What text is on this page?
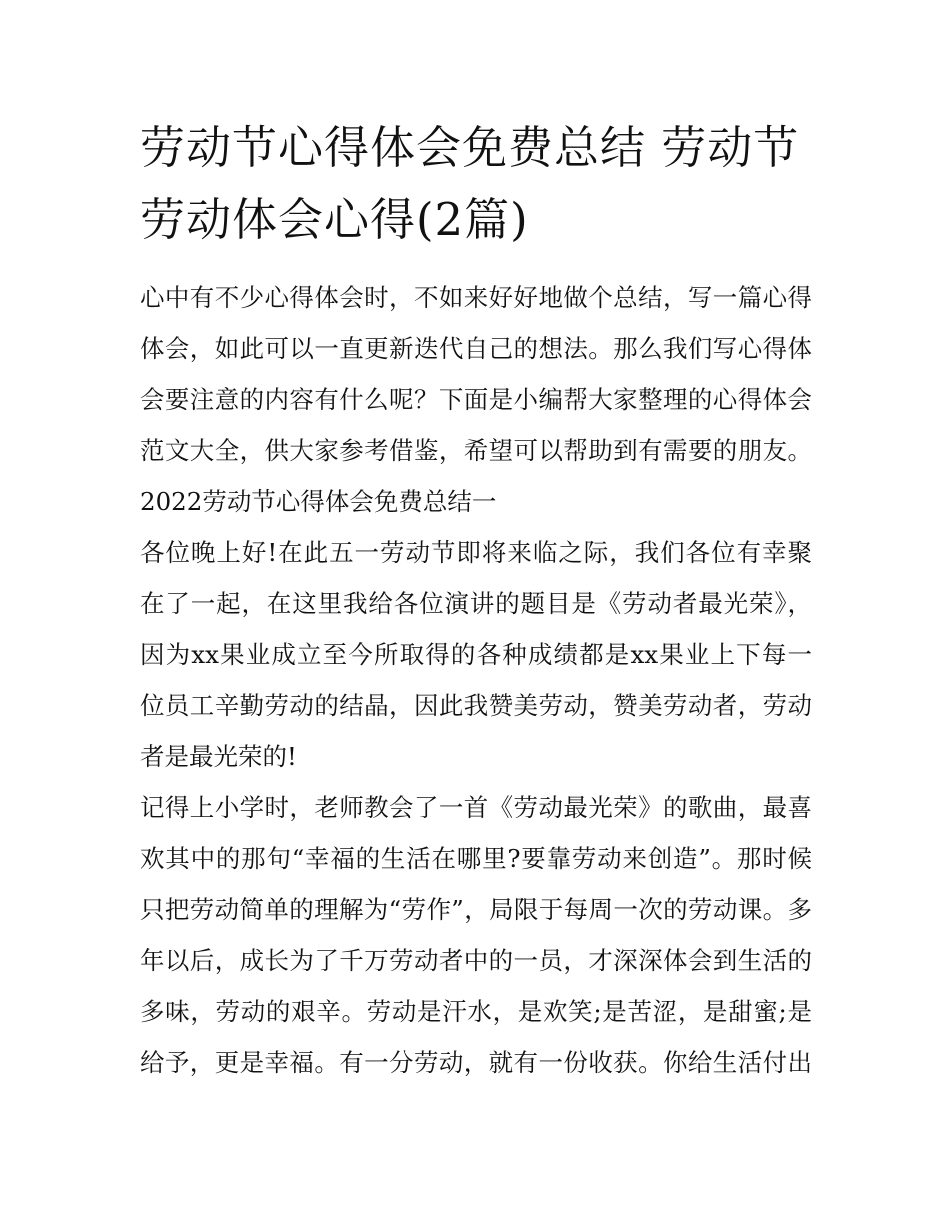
劳动节心得体会免费总结 劳动节劳动体会心得(2篇)
心中有不少心得体会时，不如来好好地做个总结，写一篇心得
体会，如此可以一直更新迭代自己的想法。那么我们写心得体
会要注意的内容有什么呢？下面是小编帮大家整理的心得体会
范文大全，供大家参考借鉴，希望可以帮助到有需要的朋友。
2022劳动节心得体会免费总结一
各位晚上好!在此五一劳动节即将来临之际，我们各位有幸聚
在了一起，在这里我给各位演讲的题目是《劳动者最光荣》，
因为xx果业成立至今所取得的各种成绩都是xx果业上下每一
位员工辛勤劳动的结晶，因此我赞美劳动，赞美劳动者，劳动
者是最光荣的!
记得上小学时，老师教会了一首《劳动最光荣》的歌曲，最喜
欢其中的那句“幸福的生活在哪里?要靠劳动来创造”。那时候
只把劳动简单的理解为“劳作”，局限于每周一次的劳动课。多
年以后，成长为了千万劳动者中的一员，才深深体会到生活的
多味，劳动的艰辛。劳动是汗水，是欢笑;是苦涩，是甜蜜;是
给予，更是幸福。有一分劳动，就有一份收获。你给生活付出
